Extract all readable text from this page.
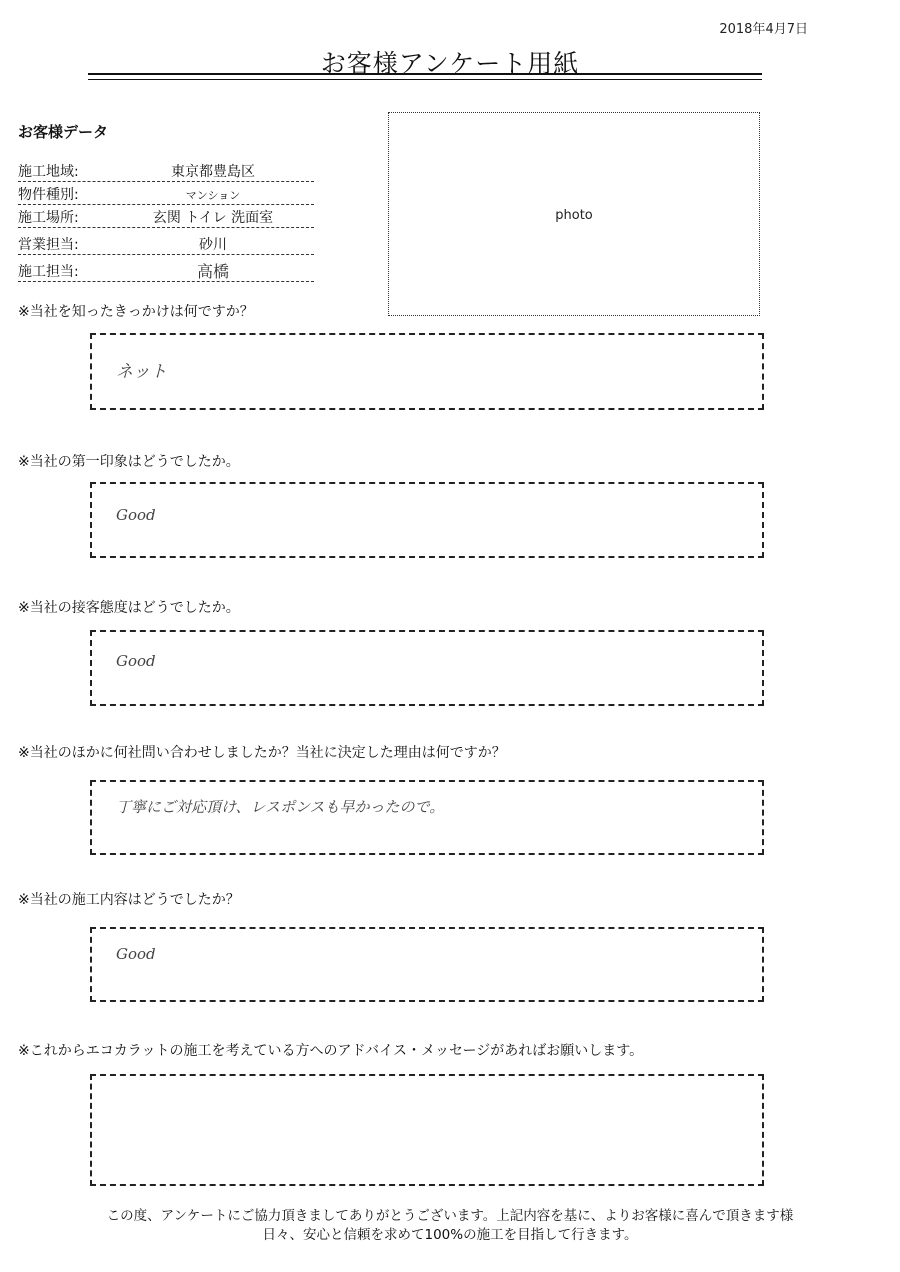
2018年4月7日
お客様アンケート用紙
お客様データ
施工地域:	東京都豊島区
物件種別:	マンション
施工場所:	玄関 トイレ 洗面室
営業担当:	砂川
施工担当:	高橋
photo
※当社を知ったきっかけは何ですか？
ネット
※当社の第一印象はどうでしたか。
Good
※当社の接客態度はどうでしたか。
Good
※当社のほかに何社問い合わせしましたか？当社に決定した理由は何ですか？
丁寧にご対応頂け、レスポンスも早かったので。
※当社の施工内容はどうでしたか？
Good
※これからエコカラットの施工を考えている方へのアドバイス・メッセージがあればお願いします。
この度、アンケートにご協力頂きましてありがとうございます。上記内容を基に、よりお客様に喜んで頂きます様
日々、安心と信頼を求めて100%の施工を目指して行きます。
